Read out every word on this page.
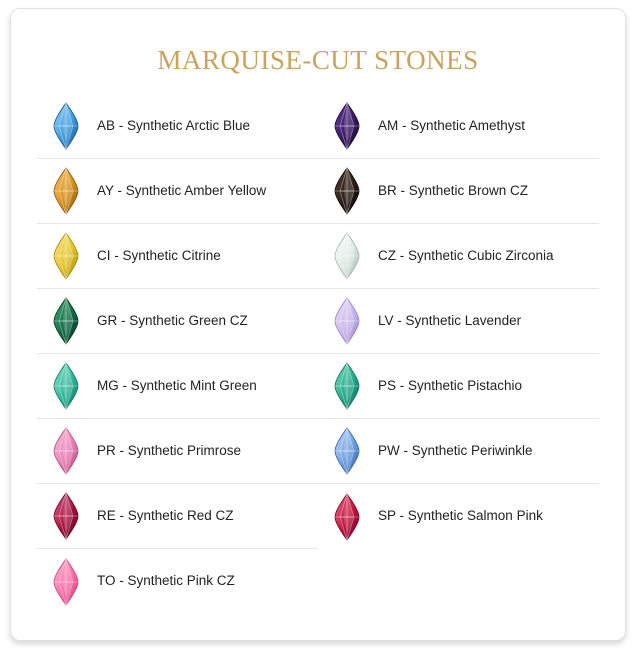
MARQUISE-CUT STONES
AB - Synthetic Arctic Blue
AY - Synthetic Amber Yellow
CI - Synthetic Citrine
GR - Synthetic Green CZ
MG - Synthetic Mint Green
PR - Synthetic Primrose
RE - Synthetic Red CZ
TO - Synthetic Pink CZ
AM - Synthetic Amethyst
BR - Synthetic Brown CZ
CZ - Synthetic Cubic Zirconia
LV - Synthetic Lavender
PS - Synthetic Pistachio
PW - Synthetic Periwinkle
SP - Synthetic Salmon Pink
